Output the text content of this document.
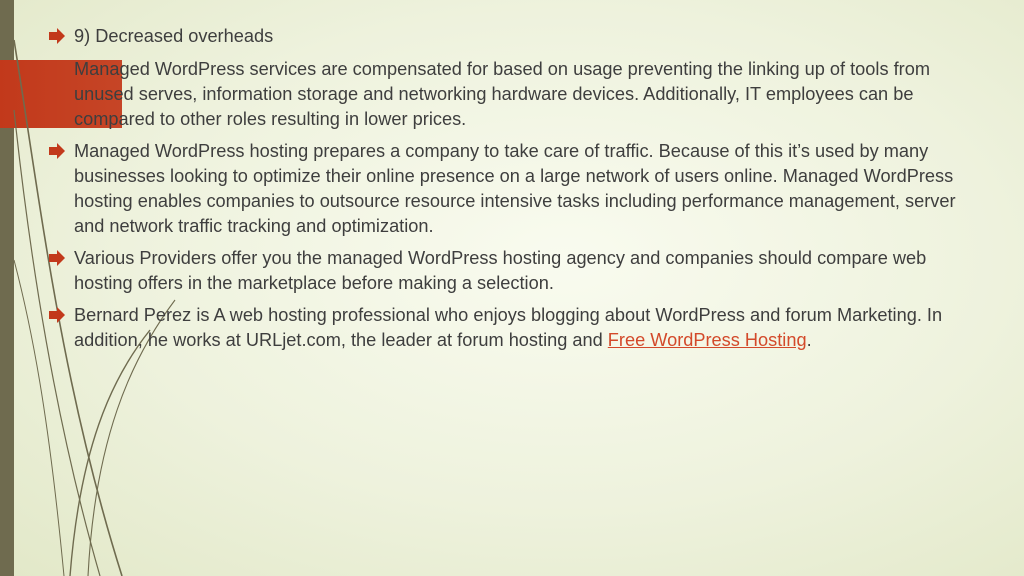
9) Decreased overheads
Managed WordPress services are compensated for based on usage preventing the linking up of tools from unused serves, information storage and networking hardware devices. Additionally, IT employees can be compared to other roles resulting in lower prices.
Managed WordPress hosting prepares a company to take care of traffic. Because of this it’s used by many businesses looking to optimize their online presence on a large network of users online. Managed WordPress hosting enables companies to outsource resource intensive tasks including performance management, server and network traffic tracking and optimization.
Various Providers offer you the managed WordPress hosting agency and companies should compare web hosting offers in the marketplace before making a selection.
Bernard Perez is A web hosting professional who enjoys blogging about WordPress and forum Marketing. In addition, he works at URLjet.com, the leader at forum hosting and Free WordPress Hosting.
